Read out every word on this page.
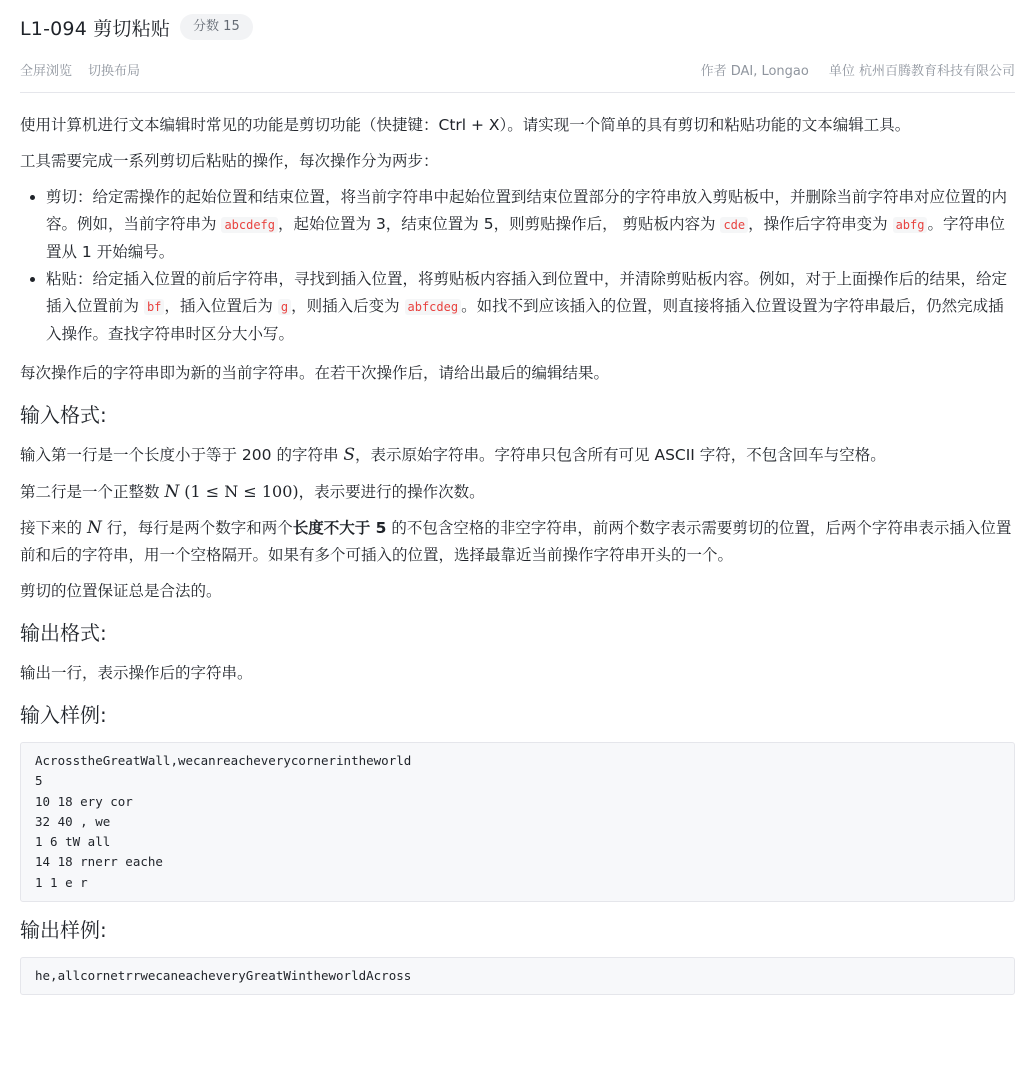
L1-094 剪切粘贴	分数 15
全屏浏览 切换布局	作者 DAI, Longao 单位 杭州百腾教育科技有限公司

使用计算机进行文本编辑时常见的功能是剪切功能（快捷键：Ctrl + X）。请实现一个简单的具有剪切和粘贴功能的文本编辑工具。

工具需要完成一系列剪切后粘贴的操作，每次操作分为两步：

• 剪切：给定需操作的起始位置和结束位置，将当前字符串中起始位置到结束位置部分的字符串放入剪贴板中，并删除当前字符串对应位置的内容。例如，当前字符串为 abcdefg ，起始位置为 3，结束位置为 5，则剪贴操作后， 剪贴板内容为 cde ，操作后字符串变为 abfg 。字符串位置从 1 开始编号。
• 粘贴：给定插入位置的前后字符串，寻找到插入位置，将剪贴板内容插入到位置中，并清除剪贴板内容。例如，对于上面操作后的结果，给定插入位置前为 bf ，插入位置后为 g ，则插入后变为 abfcdeg 。如找不到应该插入的位置，则直接将插入位置设置为字符串最后，仍然完成插入操作。查找字符串时区分大小写。

每次操作后的字符串即为新的当前字符串。在若干次操作后，请给出最后的编辑结果。

输入格式:

输入第一行是一个长度小于等于 200 的字符串 S，表示原始字符串。字符串只包含所有可见 ASCII 字符，不包含回车与空格。

第二行是一个正整数 N (1 ≤ N ≤ 100)，表示要进行的操作次数。

接下来的 N 行，每行是两个数字和两个长度不大于 5 的不包含空格的非空字符串，前两个数字表示需要剪切的位置，后两个字符串表示插入位置前和后的字符串，用一个空格隔开。如果有多个可插入的位置，选择最靠近当前操作字符串开头的一个。

剪切的位置保证总是合法的。

输出格式:

输出一行，表示操作后的字符串。

输入样例:
AcrosstheGreatWall,wecanreacheverycornerintheworld
5
10 18 ery cor
32 40 , we
1 6 tW all
14 18 rnerr eache
1 1 e r

输出样例:
he,allcornetrrwecaneacheveryGreatWintheworldAcross
